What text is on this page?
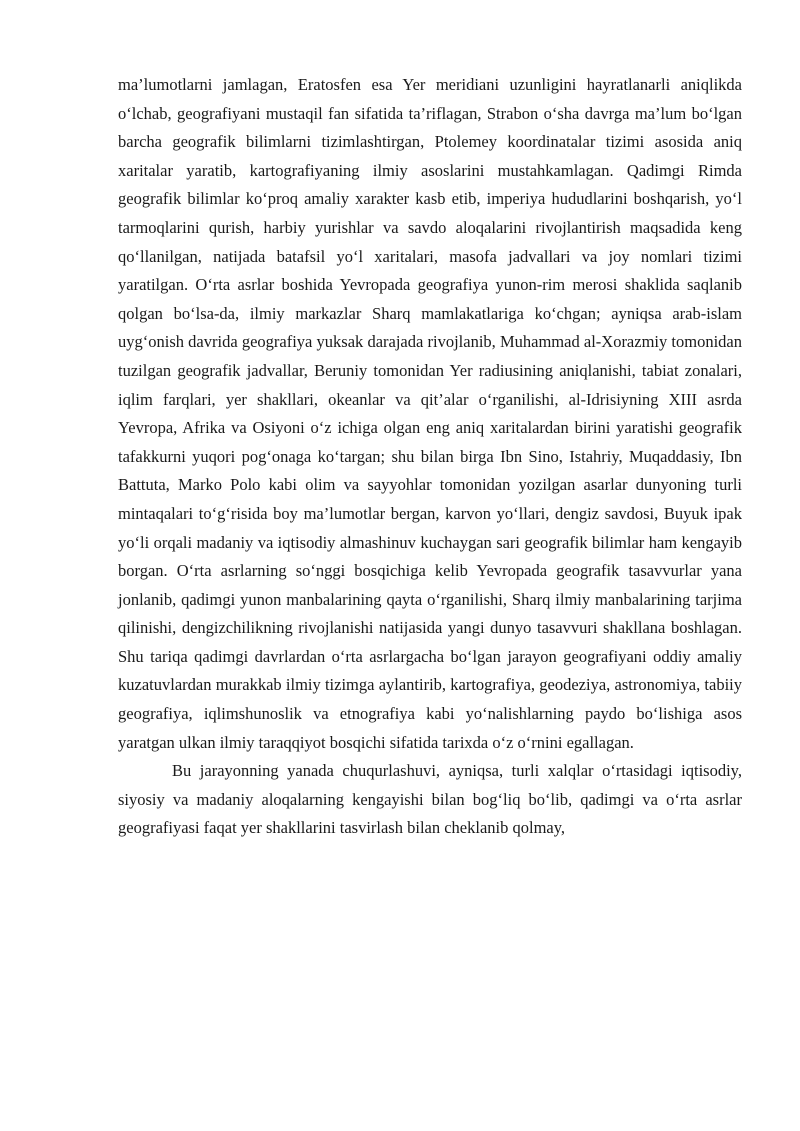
ma’lumotlarni jamlagan, Eratosfen esa Yer meridiani uzunligini hayratlanarli aniqlikda o‘lchab, geografiyani mustaqil fan sifatida ta’riflagan, Strabon o‘sha davrga ma’lum bo‘lgan barcha geografik bilimlarni tizimlashtirgan, Ptolemey koordinatalar tizimi asosida aniq xaritalar yaratib, kartografiyaning ilmiy asoslarini mustahkamlagan. Qadimgi Rimda geografik bilimlar ko‘proq amaliy xarakter kasb etib, imperiya hududlarini boshqarish, yo‘l tarmoqlarini qurish, harbiy yurishlar va savdo aloqalarini rivojlantirish maqsadida keng qo‘llanilgan, natijada batafsil yo‘l xaritalari, masofa jadvallari va joy nomlari tizimi yaratilgan. O‘rta asrlar boshida Yevropada geografiya yunon-rim merosi shaklida saqlanib qolgan bo‘lsa-da, ilmiy markazlar Sharq mamlakatlariga ko‘chgan; ayniqsa arab-islam uyg‘onish davrida geografiya yuksak darajada rivojlanib, Muhammad al-Xorazmiy tomonidan tuzilgan geografik jadvallar, Beruniy tomonidan Yer radiusining aniqlanishi, tabiat zonalari, iqlim farqlari, yer shakllari, okeanlar va qit’alar o‘rganilishi, al-Idrisiyning XIII asrda Yevropa, Afrika va Osiyoni o‘z ichiga olgan eng aniq xaritalardan birini yaratishi geografik tafakkurni yuqori pog‘onaga ko‘targan; shu bilan birga Ibn Sino, Istahriy, Muqaddasiy, Ibn Battuta, Marko Polo kabi olim va sayyohlar tomonidan yozilgan asarlar dunyoning turli mintaqalari to‘g‘risida boy ma’lumotlar bergan, karvon yo‘llari, dengiz savdosi, Buyuk ipak yo‘li orqali madaniy va iqtisodiy almashinuv kuchaygan sari geografik bilimlar ham kengayib borgan. O‘rta asrlarning so‘nggi bosqichiga kelib Yevropada geografik tasavvurlar yana jonlanib, qadimgi yunon manbalarining qayta o‘rganilishi, Sharq ilmiy manbalarining tarjima qilinishi, dengizchilikning rivojlanishi natijasida yangi dunyo tasavvuri shakllana boshlagan. Shu tariqa qadimgi davrlardan o‘rta asrlargacha bo‘lgan jarayon geografiyani oddiy amaliy kuzatuvlardan murakkab ilmiy tizimga aylantirib, kartografiya, geodeziya, astronomiya, tabiiy geografiya, iqlimshunoslik va etnografiya kabi yo‘nalishlarning paydo bo‘lishiga asos yaratgan ulkan ilmiy taraqqiyot bosqichi sifatida tarixda o‘z o‘rnini egallagan.

Bu jarayonning yanada chuqurlashuvi, ayniqsa, turli xalqlar o‘rtasidagi iqtisodiy, siyosiy va madaniy aloqalarning kengayishi bilan bog‘liq bo‘lib, qadimgi va o‘rta asrlar geografiyasi faqat yer shakllarini tasvirlash bilan cheklanib qolmay,
